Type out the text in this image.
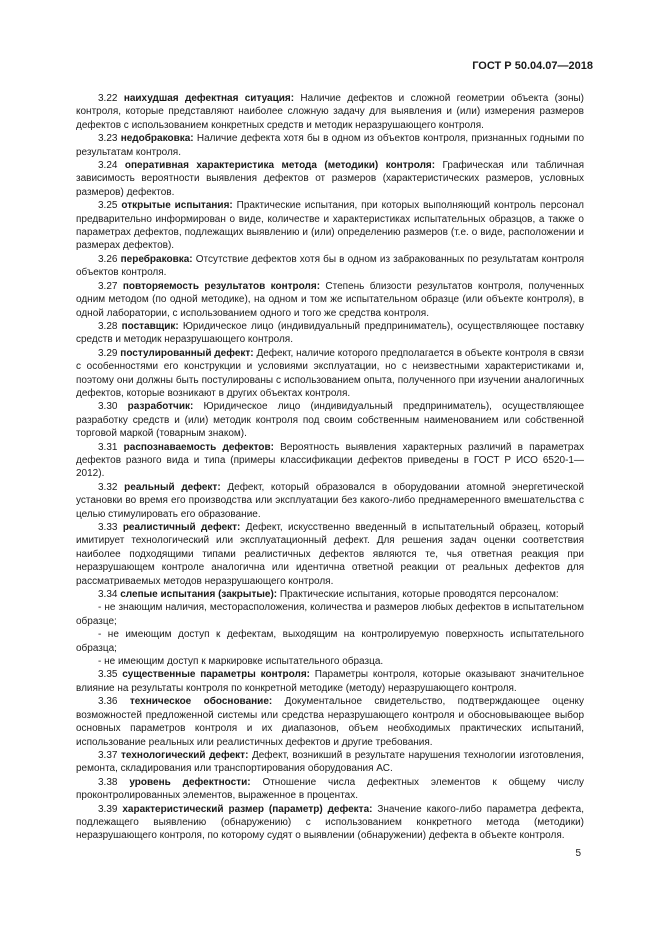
ГОСТ Р 50.04.07—2018

3.22 наихудшая дефектная ситуация: Наличие дефектов и сложной геометрии объекта (зоны) контроля, которые представляют наиболее сложную задачу для выявления и (или) измерения размеров дефектов с использованием конкретных средств и методик неразрушающего контроля.

3.23 недобраковка: Наличие дефекта хотя бы в одном из объектов контроля, признанных годными по результатам контроля.

3.24 оперативная характеристика метода (методики) контроля: Графическая или табличная зависимость вероятности выявления дефектов от размеров (характеристических размеров, условных размеров) дефектов.

3.25 открытые испытания: Практические испытания, при которых выполняющий контроль персонал предварительно информирован о виде, количестве и характеристиках испытательных образцов, а также о параметрах дефектов, подлежащих выявлению и (или) определению размеров (т.е. о виде, расположении и размерах дефектов).

3.26 перебраковка: Отсутствие дефектов хотя бы в одном из забракованных по результатам контроля объектов контроля.

3.27 повторяемость результатов контроля: Степень близости результатов контроля, полученных одним методом (по одной методике), на одном и том же испытательном образце (или объекте контроля), в одной лаборатории, с использованием одного и того же средства контроля.

3.28 поставщик: Юридическое лицо (индивидуальный предприниматель), осуществляющее поставку средств и методик неразрушающего контроля.

3.29 постулированный дефект: Дефект, наличие которого предполагается в объекте контроля в связи с особенностями его конструкции и условиями эксплуатации, но с неизвестными характеристиками и, поэтому они должны быть постулированы с использованием опыта, полученного при изучении аналогичных дефектов, которые возникают в других объектах контроля.

3.30 разработчик: Юридическое лицо (индивидуальный предприниматель), осуществляющее разработку средств и (или) методик контроля под своим собственным наименованием или собственной торговой маркой (товарным знаком).

3.31 распознаваемость дефектов: Вероятность выявления характерных различий в параметрах дефектов разного вида и типа (примеры классификации дефектов приведены в ГОСТ Р ИСО 6520-1—2012).

3.32 реальный дефект: Дефект, который образовался в оборудовании атомной энергетической установки во время его производства или эксплуатации без какого-либо преднамеренного вмешательства с целью стимулировать его образование.

3.33 реалистичный дефект: Дефект, искусственно введенный в испытательный образец, который имитирует технологический или эксплуатационный дефект. Для решения задач оценки соответствия наиболее подходящими типами реалистичных дефектов являются те, чья ответная реакция при неразрушающем контроле аналогична или идентична ответной реакции от реальных дефектов для рассматриваемых методов неразрушающего контроля.

3.34 слепые испытания (закрытые): Практические испытания, которые проводятся персоналом:

- не знающим наличия, месторасположения, количества и размеров любых дефектов в испытательном образце;

- не имеющим доступ к дефектам, выходящим на контролируемую поверхность испытательного образца;

- не имеющим доступ к маркировке испытательного образца.

3.35 существенные параметры контроля: Параметры контроля, которые оказывают значительное влияние на результаты контроля по конкретной методике (методу) неразрушающего контроля.

3.36 техническое обоснование: Документальное свидетельство, подтверждающее оценку возможностей предложенной системы или средства неразрушающего контроля и обосновывающее выбор основных параметров контроля и их диапазонов, объем необходимых практических испытаний, использование реальных или реалистичных дефектов и другие требования.

3.37 технологический дефект: Дефект, возникший в результате нарушения технологии изготовления, ремонта, складирования или транспортирования оборудования АС.

3.38 уровень дефектности: Отношение числа дефектных элементов к общему числу проконтролированных элементов, выраженное в процентах.

3.39 характеристический размер (параметр) дефекта: Значение какого-либо параметра дефекта, подлежащего выявлению (обнаружению) с использованием конкретного метода (методики) неразрушающего контроля, по которому судят о выявлении (обнаружении) дефекта в объекте контроля.

5
